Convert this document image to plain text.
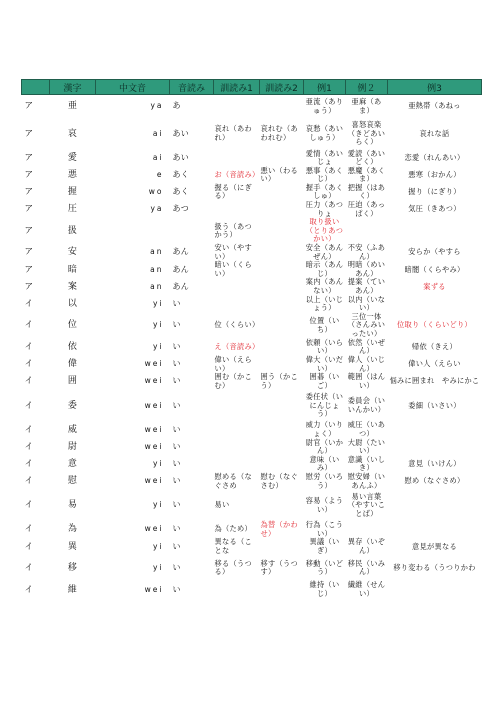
	漢字	中文音	音読み	訓読み1	訓読み2	例1	例２	例3
ア	亜	ya	あ			亜流（ありゅう）	亜麻（あま）	亜熱帯（あねっ
ア	哀	ai	あい	哀れ（あわれ）	哀れむ（あわれむ）	哀愁（あいしゅう）	喜怒哀楽（きどあいらく）	哀れな話
ア	愛	ai	あい			愛情（あいじょ	愛読（あいどく）	恋愛（れんあい）
ア	悪	e	あく	お（音読み）	悪い（わるい）	悪事（あくじ）	悪魔（あくま）	悪寒（おかん）
ア	握	wo	あく	握る（にぎる）		握手（あくしゅ）	把握（はあく）	握り（にぎり）
ア	圧	ya	あつ			圧力（あつりょ	圧迫（あっぱく）	気圧（きあつ）
ア	扱			扱う（あつかう）		取り扱い（とりあつかい）		
ア	安	an	あん	安い（やすい）		安全（あんぜん）	不安（ふあん）	安らか（やすら
ア	暗	an	あん	暗い（くらい）		暗示（あんじ）	明暗（めいあん）	暗闇（くらやみ）
ア	案	an	あん			案内（あんない）	提案（ていあん）	案ずる
イ	以	yi	い			以上（いじょう）	以内（いない）	
イ	位	yi	い	位（くらい）		位置（いち）	三位一体（さんみいったい）	位取り（くらいどり）
イ	依	yi	い	え（音読み）		依頼（いらい）	依然（いぜん）	帰依（きえ）
イ	偉	wei	い	偉い（えらい）		偉大（いだい）	偉人（いじん）	偉い人（えらい
イ	囲	wei	い	囲む（かこむ）	囲う（かこう）	囲碁（いご）	範囲（はんい）	悩みに囲まれ　やみにかこ
イ	委	wei	い			委任状（いにんじょう）	委員会（いいんかい）	委細（いさい）
イ	威	wei	い			威力（いりょく）	威圧（いあつ）	
イ	尉	wei	い			尉官（いかん）	大尉（たいい）	
イ	意	yi	い			意味（いみ）	意識（いしき）	意見（いけん）
イ	慰	wei	い	慰める（なぐさめ	慰む（なぐさむ）	慰労（いろう）	慰安婦（いあんふ）	慰め（なぐさめ）
イ	易	yi	い	易い		容易（ようい）	易い言葉（やすいことば）	
イ	為	wei	い	為（ため）	為替（かわせ）	行為（こうい）		
イ	異	yi	い	異なる（ことな		異議（いぎ）	異存（いぞん）	意見が異なる
イ	移	yi	い	移る（うつる）	移す（うつす）	移動（いどう）	移民（いみん）	移り変わる（うつりかわ
イ	維	wei	い			維持（いじ）	繊維（せんい）	
